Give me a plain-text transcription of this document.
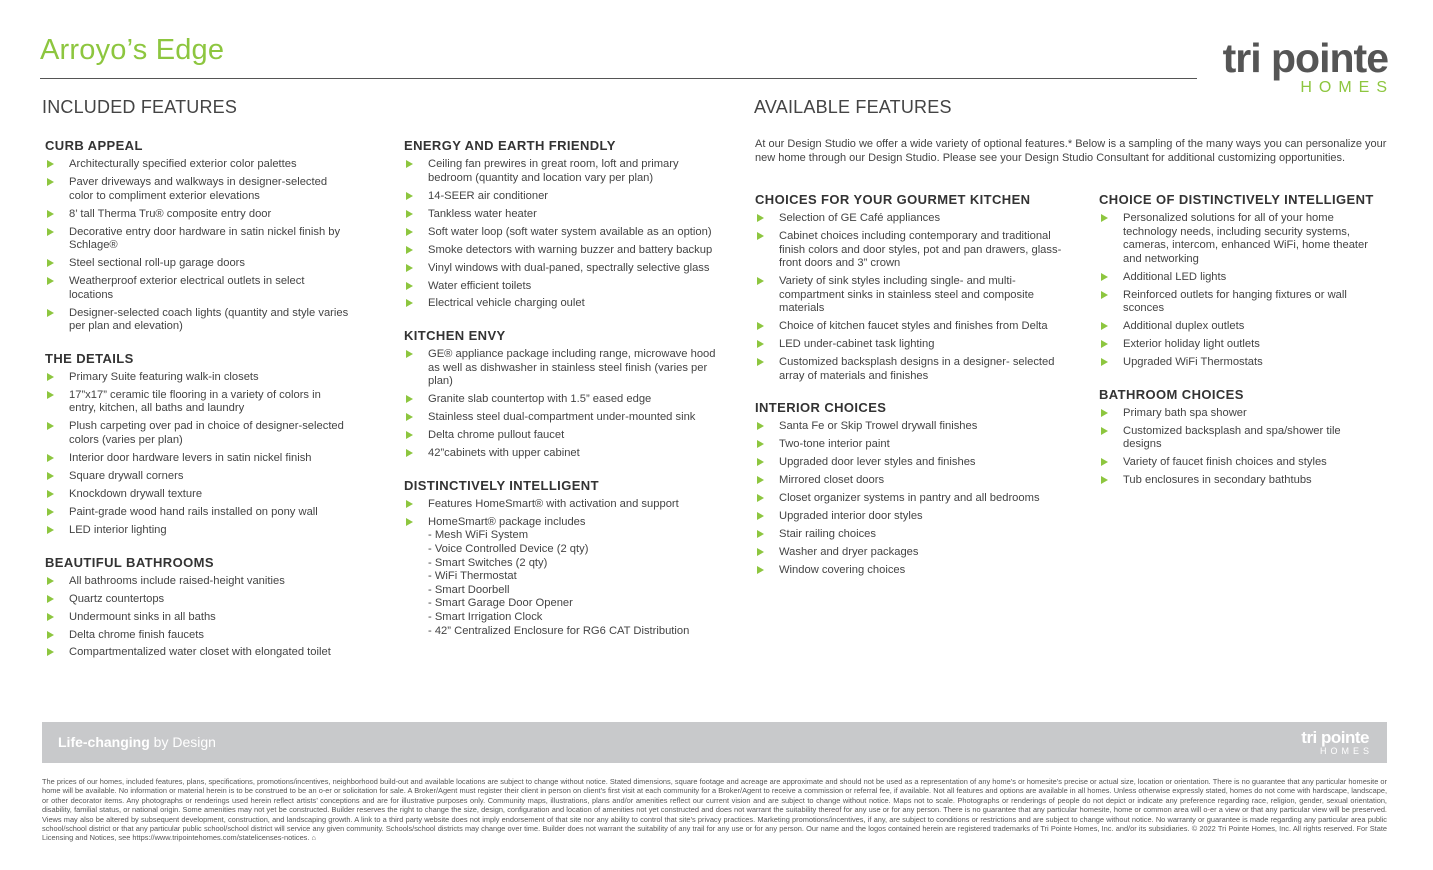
Arroyo’s Edge	tri pointe
HOMES
INCLUDED FEATURES	AVAILABLE FEATURES
At our Design Studio we offer a wide variety of optional features.* Below is a sampling of the many ways you can personalize your new home through our Design Studio. Please see your Design Studio Consultant for additional customizing opportunities.
CURB APPEAL
Architecturally specified exterior color palettes
Paver driveways and walkways in designer-selected color to compliment exterior elevations
8’ tall Therma Tru® composite entry door
Decorative entry door hardware in satin nickel finish by Schlage®
Steel sectional roll-up garage doors
Weatherproof exterior electrical outlets in select locations
Designer-selected coach lights (quantity and style varies per plan and elevation)
THE DETAILS
Primary Suite featuring walk-in closets
17”x17” ceramic tile flooring in a variety of colors in entry, kitchen, all baths and laundry
Plush carpeting over pad in choice of designer-selected colors (varies per plan)
Interior door hardware levers in satin nickel finish
Square drywall corners
Knockdown drywall texture
Paint-grade wood hand rails installed on pony wall
LED interior lighting
BEAUTIFUL BATHROOMS
All bathrooms include raised-height vanities
Quartz countertops
Undermount sinks in all baths
Delta chrome finish faucets
Compartmentalized water closet with elongated toilet
ENERGY AND EARTH FRIENDLY
Ceiling fan prewires in great room, loft and primary bedroom (quantity and location vary per plan)
14-SEER air conditioner
Tankless water heater
Soft water loop (soft water system available as an option)
Smoke detectors with warning buzzer and battery backup
Vinyl windows with dual-paned, spectrally selective glass
Water efficient toilets
Electrical vehicle charging oulet
KITCHEN ENVY
GE® appliance package including range, microwave hood as well as dishwasher in stainless steel finish (varies per plan)
Granite slab countertop with 1.5” eased edge
Stainless steel dual-compartment under-mounted sink
Delta chrome pullout faucet
42”cabinets with upper cabinet
DISTINCTIVELY INTELLIGENT
Features HomeSmart® with activation and support
HomeSmart® package includes
- Mesh WiFi System
- Voice Controlled Device (2 qty)
- Smart Switches (2 qty)
- WiFi Thermostat
- Smart Doorbell
- Smart Garage Door Opener
- Smart Irrigation Clock
- 42” Centralized Enclosure for RG6 CAT Distribution
CHOICES FOR YOUR GOURMET KITCHEN
Selection of GE Café appliances
Cabinet choices including contemporary and traditional finish colors and door styles, pot and pan drawers, glass-front doors and 3” crown
Variety of sink styles including single- and multi-compartment sinks in stainless steel and composite materials
Choice of kitchen faucet styles and finishes from Delta
LED under-cabinet task lighting
Customized backsplash designs in a designer- selected array of materials and finishes
INTERIOR CHOICES
Santa Fe or Skip Trowel drywall finishes
Two-tone interior paint
Upgraded door lever styles and finishes
Mirrored closet doors
Closet organizer systems in pantry and all bedrooms
Upgraded interior door styles
Stair railing choices
Washer and dryer packages
Window covering choices
CHOICE OF DISTINCTIVELY INTELLIGENT
Personalized solutions for all of your home technology needs, including security systems, cameras, intercom, enhanced WiFi, home theater and networking
Additional LED lights
Reinforced outlets for hanging fixtures or wall sconces
Additional duplex outlets
Exterior holiday light outlets
Upgraded WiFi Thermostats
BATHROOM CHOICES
Primary bath spa shower
Customized backsplash and spa/shower tile designs
Variety of faucet finish choices and styles
Tub enclosures in secondary bathtubs
Life-changing by Design	tri pointe
HOMES
The prices of our homes, included features, plans, specifications, promotions/incentives, neighborhood build-out and available locations are subject to change without notice. Stated dimensions, square footage and acreage are approximate and should not be used as a representation of any home’s or homesite’s precise or actual size, location or orientation. There is no guarantee that any particular homesite or home will be available. No information or material herein is to be construed to be an o-er or solicitation for sale. A Broker/Agent must register their client in person on client’s first visit at each community for a Broker/Agent to receive a commission or referral fee, if available. Not all features and options are available in all homes. Unless otherwise expressly stated, homes do not come with hardscape, landscape, or other decorator items. Any photographs or renderings used herein reflect artists’ conceptions and are for illustrative purposes only. Community maps, illustrations, plans and/or amenities reflect our current vision and are subject to change without notice. Maps not to scale. Photographs or renderings of people do not depict or indicate any preference regarding race, religion, gender, sexual orientation, disability, familial status, or national origin. Some amenities may not yet be constructed. Builder reserves the right to change the size, design, configuration and location of amenities not yet constructed and does not warrant the suitability thereof for any use or for any person. There is no guarantee that any particular homesite, home or common area will o-er a view or that any particular view will be preserved. Views may also be altered by subsequent development, construction, and landscaping growth. A link to a third party website does not imply endorsement of that site nor any ability to control that site’s privacy practices. Marketing promotions/incentives, if any, are subject to conditions or restrictions and are subject to change without notice. No warranty or guarantee is made regarding any particular area public school/school district or that any particular public school/school district will service any given community. Schools/school districts may change over time. Builder does not warrant the suitability of any trail for any use or for any person. Our name and the logos contained herein are registered trademarks of Tri Pointe Homes, Inc. and/or its subsidiaries. © 2022 Tri Pointe Homes, Inc. All rights reserved. For State Licensing and Notices, see https://www.tripointehomes.com/statelicenses-notices. ⌂
